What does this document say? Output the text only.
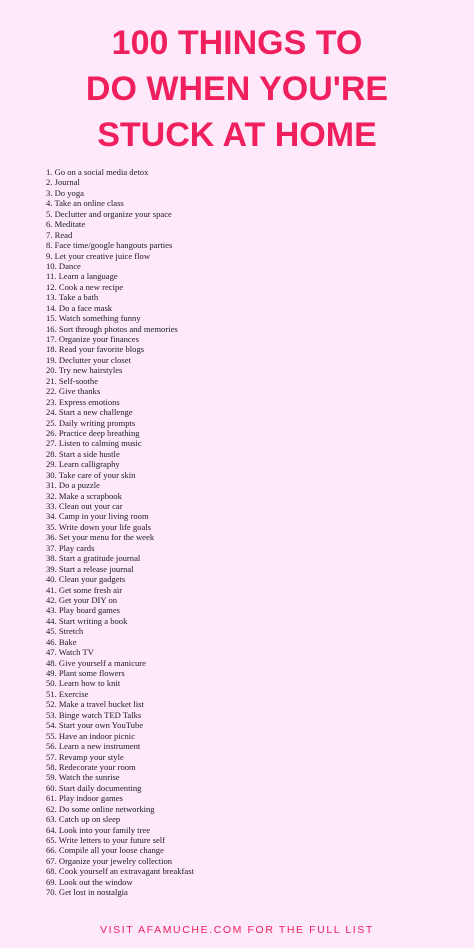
100 THINGS TO
DO WHEN YOU'RE
STUCK AT HOME
1. Go on a social media detox
2. Journal
3. Do yoga
4. Take an online class
5. Declutter and organize your space
6. Meditate
7. Read
8. Face time/google hangouts parties
9. Let your creative juice flow
10. Dance
11. Learn a language
12. Cook a new recipe
13. Take a bath
14. Do a face mask
15. Watch something funny
16. Sort through photos and memories
17. Organize your finances
18. Read your favorite blogs
19. Declutter your closet
20. Try new hairstyles
21. Self-soothe
22. Give thanks
23. Express emotions
24. Start a new challenge
25. Daily writing prompts
26. Practice deep breathing
27. Listen to calming music
28. Start a side hustle
29. Learn calligraphy
30. Take care of your skin
31. Do a puzzle
32. Make a scrapbook
33. Clean out your car
34. Camp in your living room
35. Write down your life goals
36. Set your menu for the week
37. Play cards
38. Start a gratitude journal
39. Start a release journal
40. Clean your gadgets
41. Get some fresh air
42. Get your DIY on
43. Play board games
44. Start writing a book
45. Stretch
46. Bake
47. Watch TV
48. Give yourself a manicure
49. Plant some flowers
50. Learn how to knit
51. Exercise
52. Make a travel bucket list
53. Binge watch TED Talks
54. Start your own YouTube
55. Have an indoor picnic
56. Learn a new instrument
57. Revamp your style
58. Redecorate your room
59. Watch the sunrise
60. Start daily documenting
61. Play indoor games
62. Do some online networking
63. Catch up on sleep
64. Look into your family tree
65. Write letters to your future self
66. Compile all your loose change
67. Organize your jewelry collection
68. Cook yourself an extravagant breakfast
69. Look out the window
70. Get lost in nostalgia
VISIT AFAMUCHE.COM FOR THE FULL LIST
